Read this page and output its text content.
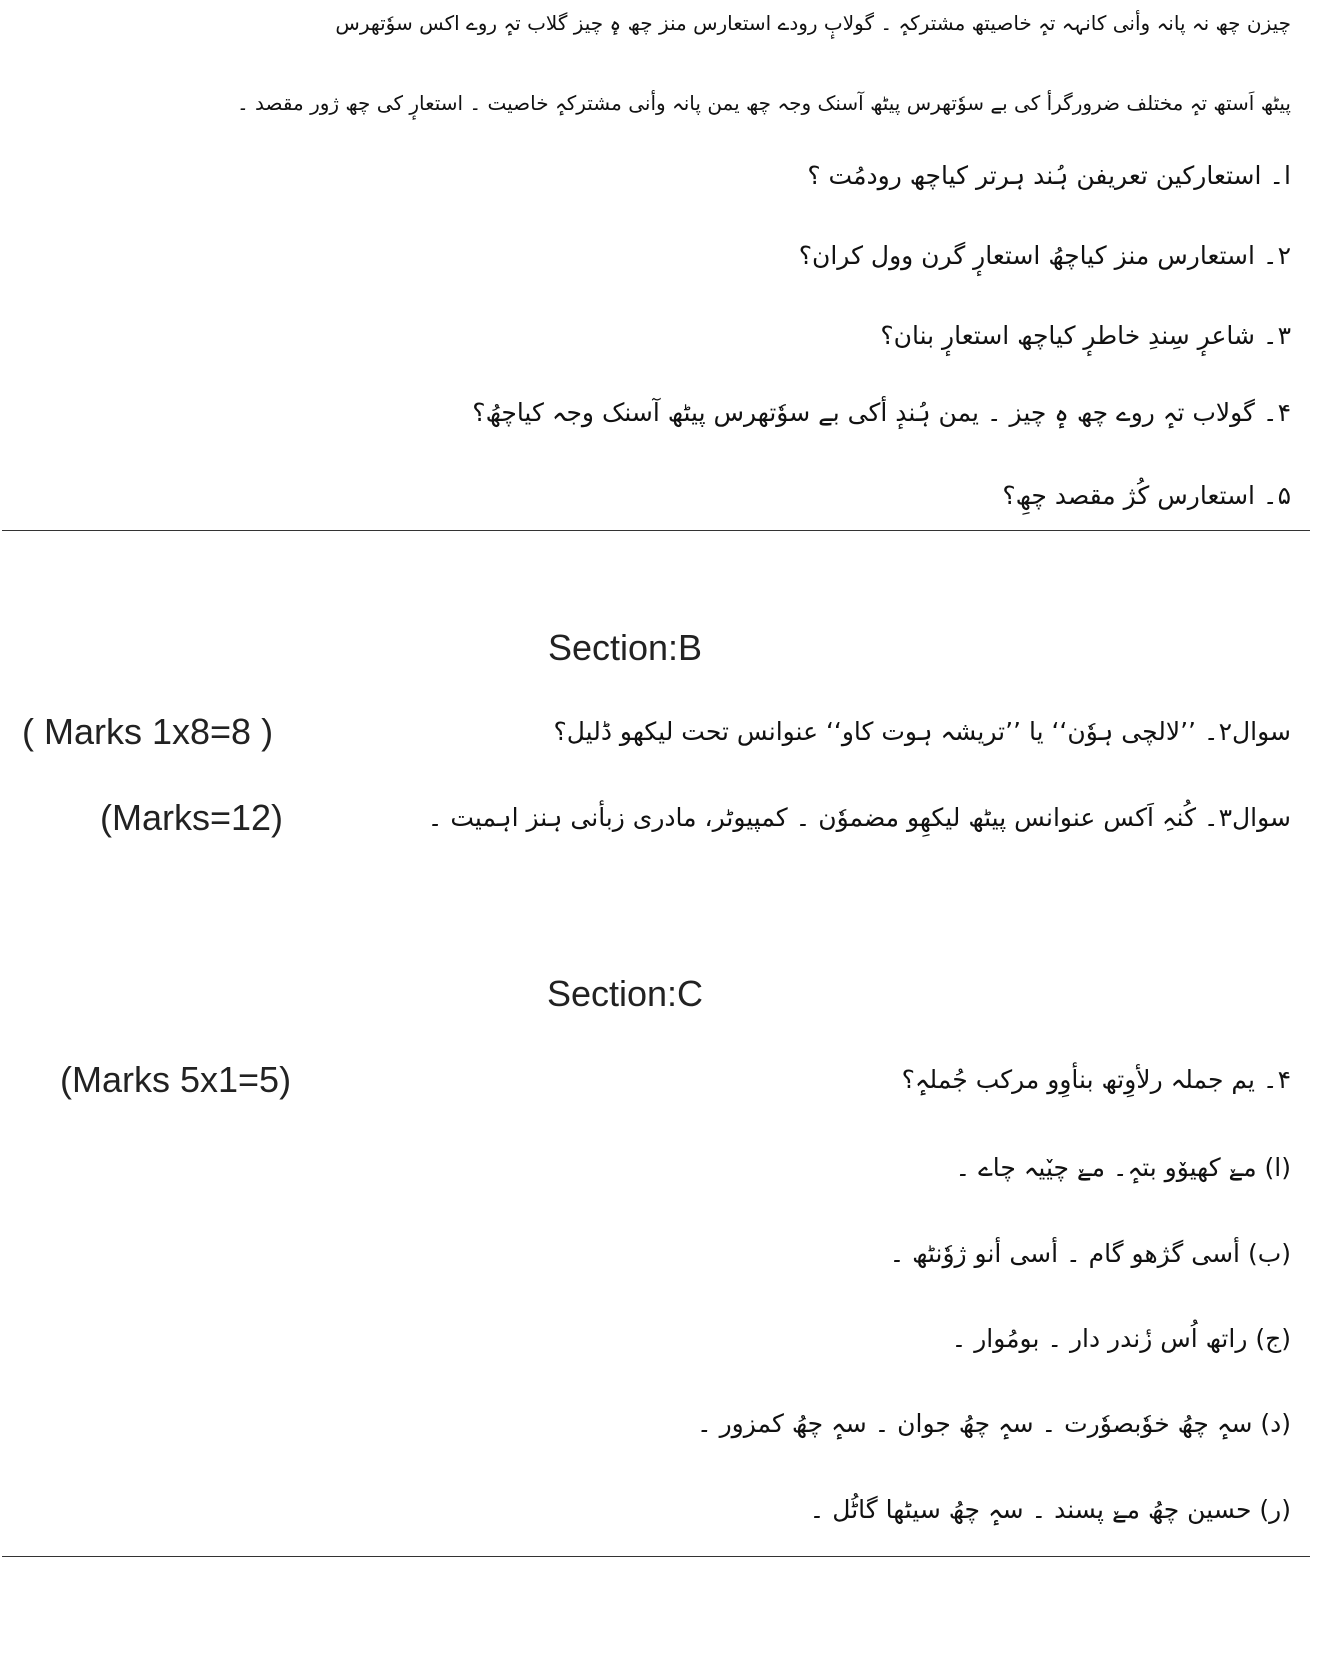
چیزن چھ نہ پانہ وأنی کانہہ تہٕ خاصیتھ مشترکہٕ ۔ گولابٕ رودے استعارس منز چھ ہٕ چیز گلاب تہٕ روے اکس سوٗتھرس
پیٹھ اَستھ تہٕ مختلف ضرورگرأ کی بے سوٗتھرس پیٹھ آسنک وجہ چھ یمن پانہ وأنی مشترکہٕ خاصیت ۔ استعارٕ کی چھ ژور مقصد ۔
ا۔ استعارکین تعریفن ہُند ہرتر کیاچھ رودمُت ؟
۲۔ استعارس منز کیاچھُ استعارٕ گرن وول کران؟
۳۔ شاعرٕ سِندِ خاطرٕ کیاچھ استعارٕ بنان؟
۴۔ گولاب تہٕ روے چھ ہٕ چیز ۔ یمن ہُندٕ أکی بے سوٗتھرس پیٹھ آسنک وجہ کیاچھُ؟
۵۔ استعارس کُژ مقصد چھِ؟
Section:B
سوال۲۔ ’’لالچی ہوٗن‘‘ یا ’’تریشہ ہوت کاو‘‘ عنوانس تحت لیکھو ڈلیل؟
( Marks 1x8=8 )
سوال۳۔ کُنہِ اَکس عنوانس پیٹھ لیکھِو مضموٗن ۔ کمپیوٹر، مادری زبأنی ہنز اہمیت ۔
(Marks=12)
Section:C
۴۔ یم جملہ رلأوِتھ بنأوِو مرکب جُملہٕ؟
(Marks 5x1=5)
(ا) مےٚ کھیوٚو بتہٕ۔ مےٚ چیٚیہ چاے ۔
(ب) أسی گژھو گام ۔ أسی أنو ژوٗنٹھ ۔
(ج) راتھ اُس زٔندر دار ۔ بومُوار ۔
(د) سہٕ چھُ خوٗبصوٗرت ۔ سہٕ چھُ جوان ۔ سہٕ چھُ کمزور ۔
(ر) حسین چھُ مےٚ پسند ۔ سہٕ چھُ سیٹھا گاٹُل ۔
